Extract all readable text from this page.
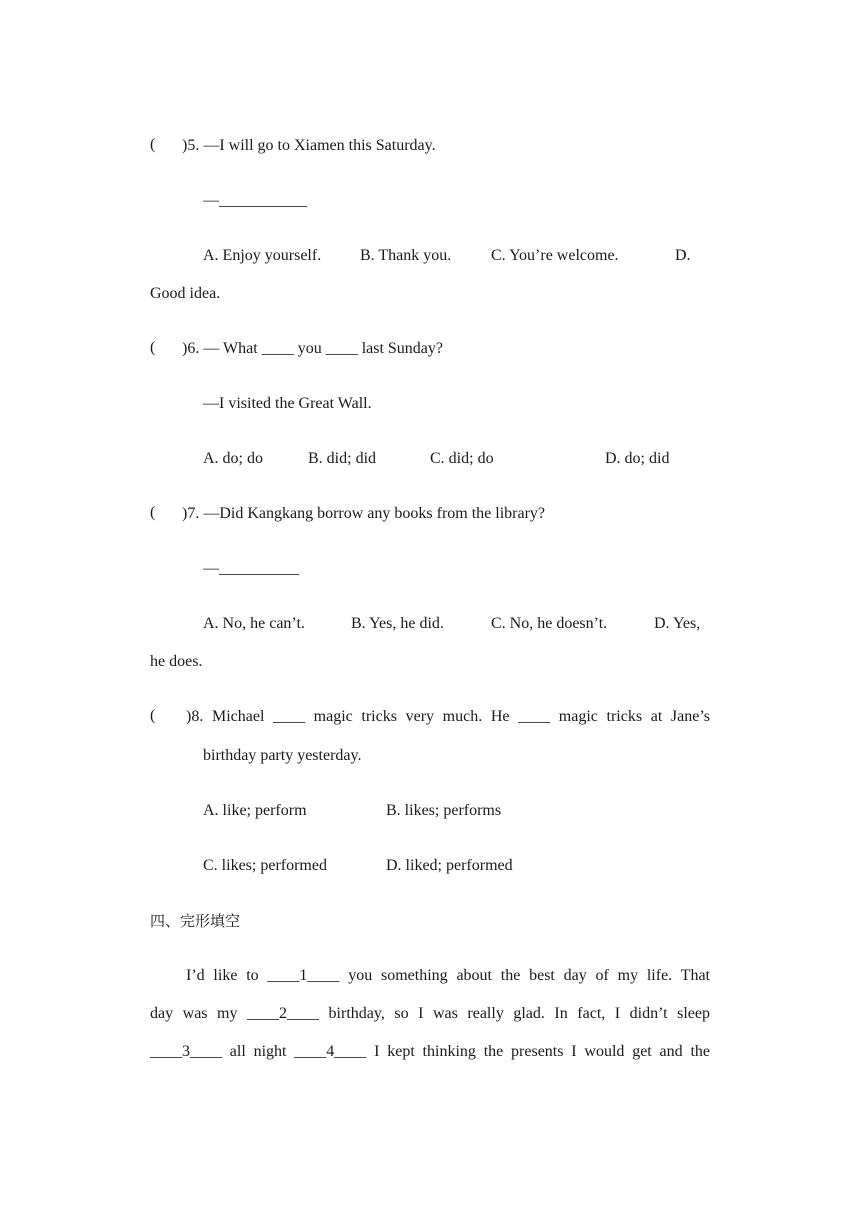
( )5. —I will go to Xiamen this Saturday.
—___________
A. Enjoy yourself. B. Thank you. C. You’re welcome.	D.
Good idea.
( )6. — What ____ you ____ last Sunday?
—I visited the Great Wall.
A. do; do	B. did; did	C. did; do	D. do; did
( )7. —Did Kangkang borrow any books from the library?
—__________
A. No, he can’t.	B. Yes, he did.	C. No, he doesn’t.	D. Yes,
he does.
( )8. Michael ____ magic tricks very much. He ____ magic tricks at Jane’s
birthday party yesterday.
A. like; perform	B. likes; performs
C. likes; performed	D. liked; performed
四、完形填空
I’d like to ____1____ you something about the best day of my life. That
day was my ____2____ birthday, so I was really glad. In fact, I didn’t sleep
____3____ all night ____4____ I kept thinking the presents I would get and the
